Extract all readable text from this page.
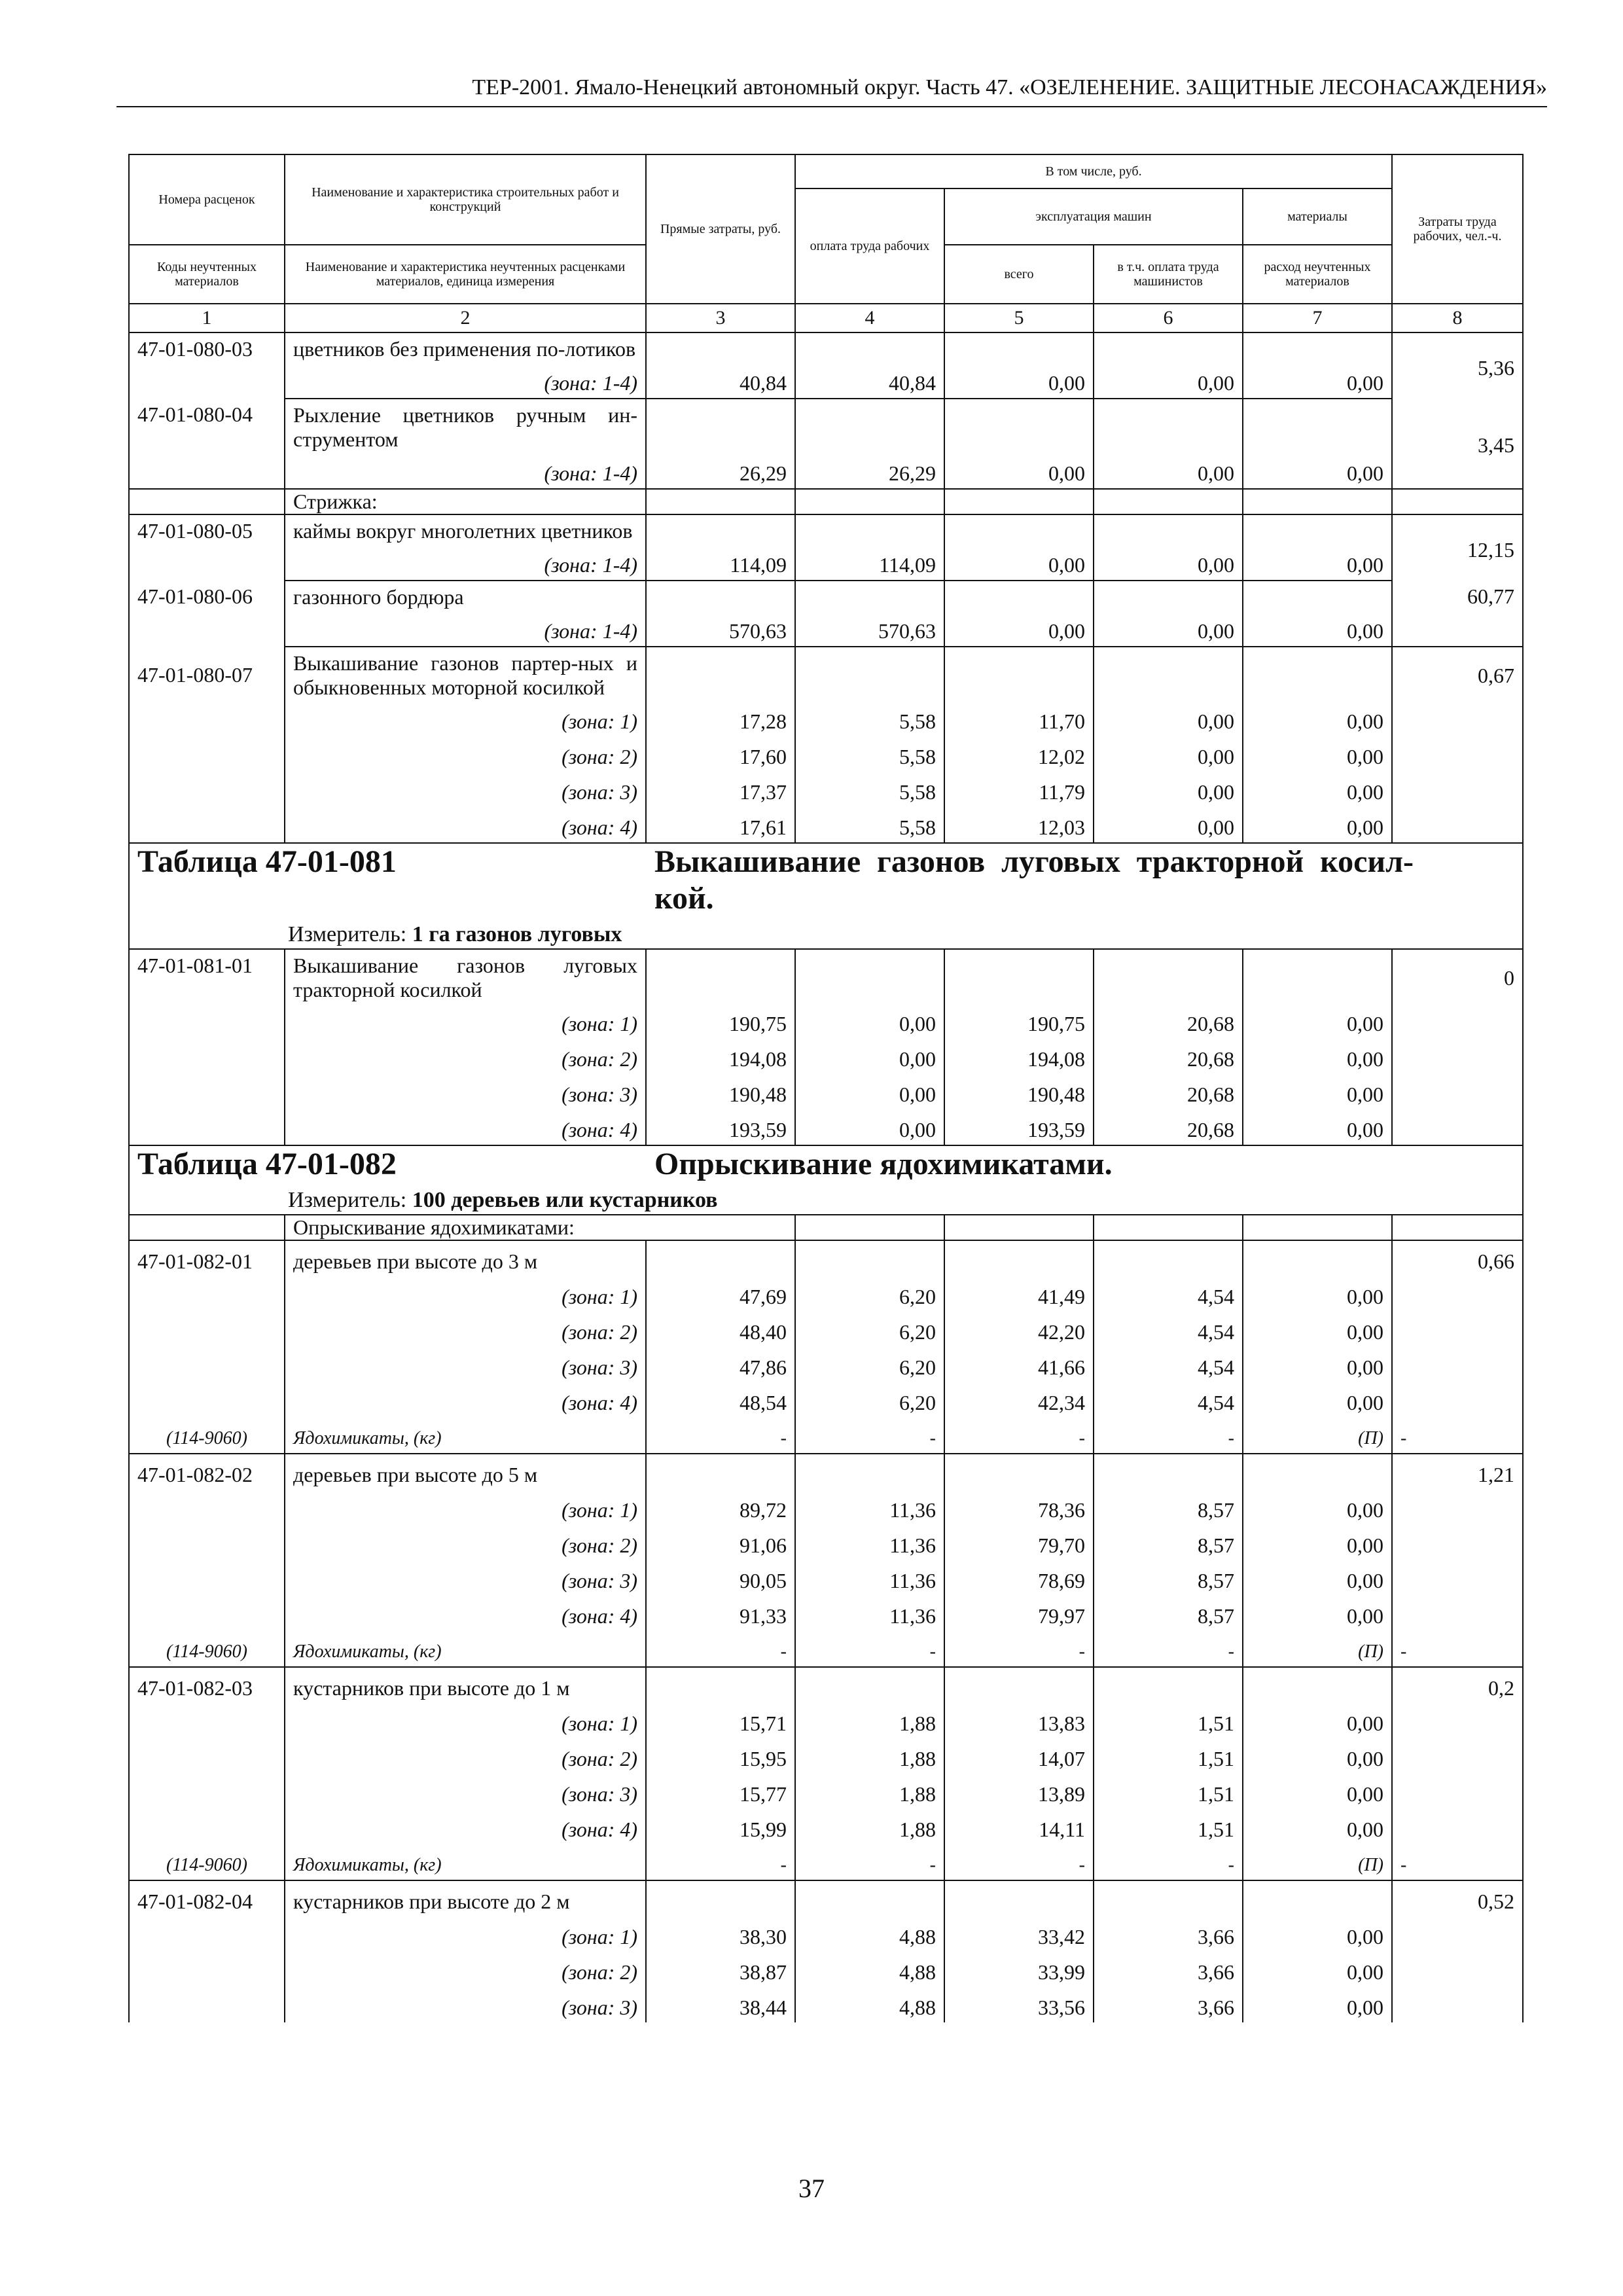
ТЕР-2001. Ямало-Ненецкий автономный округ. Часть 47. «ОЗЕЛЕНЕНИЕ. ЗАЩИТНЫЕ ЛЕСОНАСАЖДЕНИЯ»
Номера расценок	Наименование и характеристика строительных работ и конструкций	Прямые затраты, руб.	В том числе, руб.				Затраты труда рабочих, чел.-ч.
			оплата труда рабочих	эксплуатация машин		материалы	
Коды неучтенных материалов	Наименование и характеристика неучтенных расценками материалов, единица измерения			всего	в т.ч. оплата труда машинистов	расход неучтенных материалов	
1	2	3	4	5	6	7	8
47-01-080-03	цветников без применения по-лотиков						5,36
	(зона: 1-4)	40,84	40,84	0,00	0,00	0,00	
47-01-080-04	Рыхление цветников ручным ин-струментом						3,45
	(зона: 1-4)	26,29	26,29	0,00	0,00	0,00	
	Стрижка:						
47-01-080-05	каймы вокруг многолетних цветников						12,15
	(зона: 1-4)	114,09	114,09	0,00	0,00	0,00	
47-01-080-06	газонного бордюра						60,77
	(зона: 1-4)	570,63	570,63	0,00	0,00	0,00	
47-01-080-07	Выкашивание газонов партер-ных и обыкновенных моторной косилкой						0,67
	(зона: 1)	17,28	5,58	11,70	0,00	0,00	
	(зона: 2)	17,60	5,58	12,02	0,00	0,00	
	(зона: 3)	17,37	5,58	11,79	0,00	0,00	
	(зона: 4)	17,61	5,58	12,03	0,00	0,00	

Таблица 47-01-081 Выкашивание газонов луговых тракторной косил-кой.
Измеритель: 1 га газонов луговых							

47-01-081-01	Выкашивание газонов луговых тракторной косилкой						0
	(зона: 1)	190,75	0,00	190,75	20,68	0,00	
	(зона: 2)	194,08	0,00	194,08	20,68	0,00	
	(зона: 3)	190,48	0,00	190,48	20,68	0,00	
	(зона: 4)	193,59	0,00	193,59	20,68	0,00	

Таблица 47-01-082 Опрыскивание ядохимикатами.
Измеритель: 100 деревьев или кустарников							

	Опрыскивание ядохимикатами:						
47-01-082-01	деревьев при высоте до 3 м						0,66
	(зона: 1)	47,69	6,20	41,49	4,54	0,00	
	(зона: 2)	48,40	6,20	42,20	4,54	0,00	
	(зона: 3)	47,86	6,20	41,66	4,54	0,00	
	(зона: 4)	48,54	6,20	42,34	4,54	0,00	
(114-9060)	Ядохимикаты, (кг)	-	-	-	-	(П)	-
47-01-082-02	деревьев при высоте до 5 м						1,21
	(зона: 1)	89,72	11,36	78,36	8,57	0,00	
	(зона: 2)	91,06	11,36	79,70	8,57	0,00	
	(зона: 3)	90,05	11,36	78,69	8,57	0,00	
	(зона: 4)	91,33	11,36	79,97	8,57	0,00	
(114-9060)	Ядохимикаты, (кг)	-	-	-	-	(П)	-
47-01-082-03	кустарников при высоте до 1 м						0,2
	(зона: 1)	15,71	1,88	13,83	1,51	0,00	
	(зона: 2)	15,95	1,88	14,07	1,51	0,00	
	(зона: 3)	15,77	1,88	13,89	1,51	0,00	
	(зона: 4)	15,99	1,88	14,11	1,51	0,00	
(114-9060)	Ядохимикаты, (кг)	-	-	-	-	(П)	-
47-01-082-04	кустарников при высоте до 2 м						0,52
	(зона: 1)	38,30	4,88	33,42	3,66	0,00	
	(зона: 2)	38,87	4,88	33,99	3,66	0,00	
	(зона: 3)	38,44	4,88	33,56	3,66	0,00	
37
